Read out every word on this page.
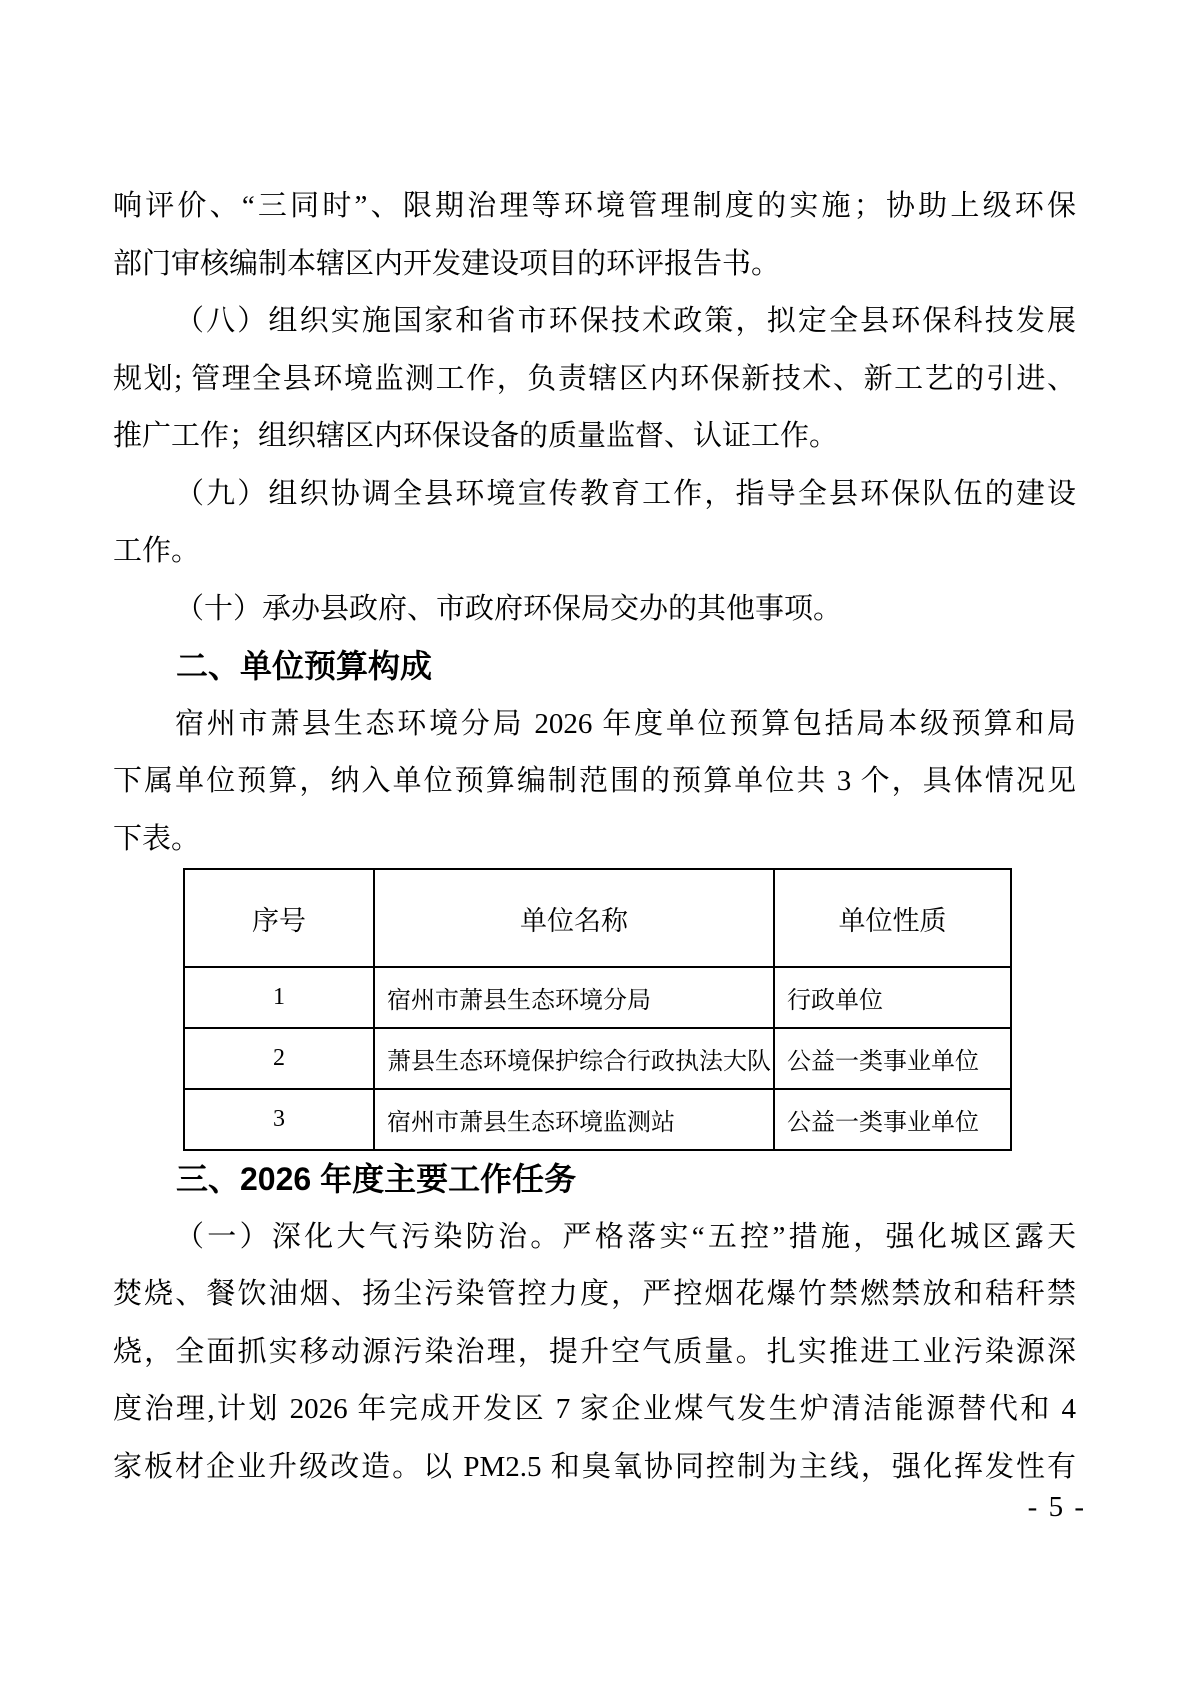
响评价、“三同时”、限期治理等环境管理制度的实施；协助上级环保
部门审核编制本辖区内开发建设项目的环评报告书。
（八）组织实施国家和省市环保技术政策，拟定全县环保科技发展
规划; 管理全县环境监测工作，负责辖区内环保新技术、新工艺的引进、
推广工作；组织辖区内环保设备的质量监督、认证工作。
（九）组织协调全县环境宣传教育工作，指导全县环保队伍的建设
工作。
（十）承办县政府、市政府环保局交办的其他事项。
二、单位预算构成
宿州市萧县生态环境分局 2026 年度单位预算包括局本级预算和局
下属单位预算，纳入单位预算编制范围的预算单位共 3 个，具体情况见
下表。
序号	单位名称	单位性质
1	宿州市萧县生态环境分局	行政单位
2	萧县生态环境保护综合行政执法大队	公益一类事业单位
3	宿州市萧县生态环境监测站	公益一类事业单位
三、2026 年度主要工作任务
（一）深化大气污染防治。严格落实“五控”措施，强化城区露天
焚烧、餐饮油烟、扬尘污染管控力度，严控烟花爆竹禁燃禁放和秸秆禁
烧，全面抓实移动源污染治理，提升空气质量。扎实推进工业污染源深
度治理,计划 2026 年完成开发区 7 家企业煤气发生炉清洁能源替代和 4
家板材企业升级改造。以 PM2.5 和臭氧协同控制为主线，强化挥发性有
- 5 -
